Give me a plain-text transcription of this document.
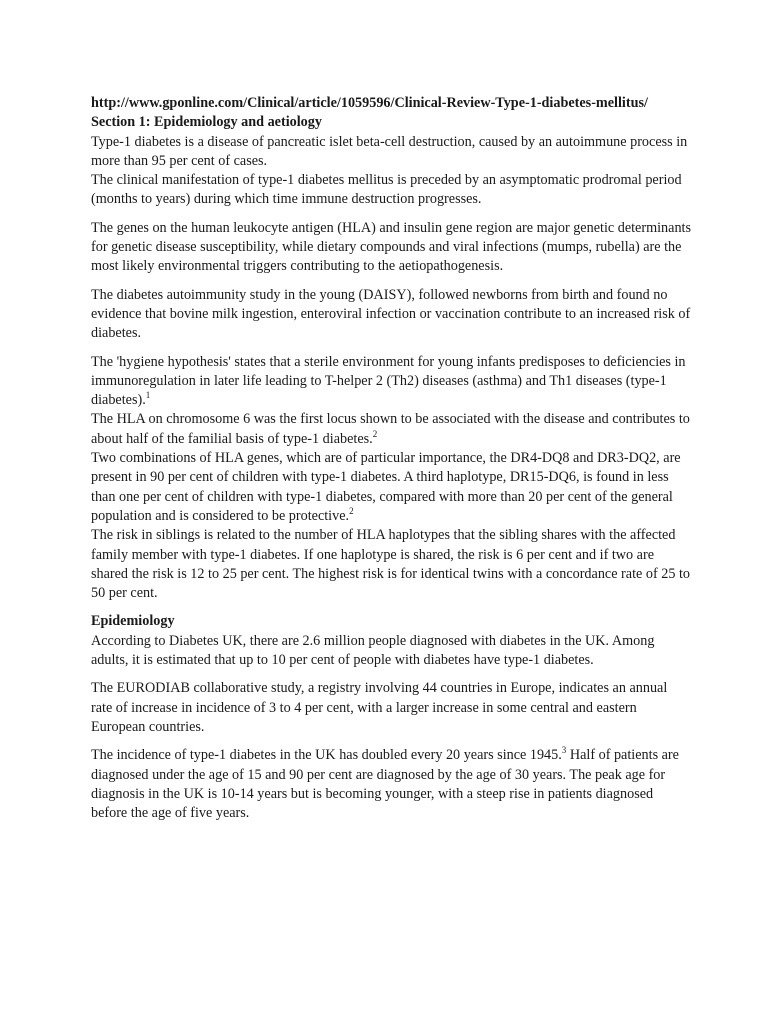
http://www.gponline.com/Clinical/article/1059596/Clinical-Review-Type-1-diabetes-mellitus/

Section 1: Epidemiology and aetiology

Type-1 diabetes is a disease of pancreatic islet beta-cell destruction, caused by an autoimmune process in more than 95 per cent of cases.

The clinical manifestation of type-1 diabetes mellitus is preceded by an asymptomatic prodromal period (months to years) during which time immune destruction progresses.

The genes on the human leukocyte antigen (HLA) and insulin gene region are major genetic determinants for genetic disease susceptibility, while dietary compounds and viral infections (mumps, rubella) are the most likely environmental triggers contributing to the aetiopathogenesis.

The diabetes autoimmunity study in the young (DAISY), followed newborns from birth and found no evidence that bovine milk ingestion, enteroviral infection or vaccination contribute to an increased risk of diabetes.

The 'hygiene hypothesis' states that a sterile environment for young infants predisposes to deficiencies in immunoregulation in later life leading to T-helper 2 (Th2) diseases (asthma) and Th1 diseases (type-1 diabetes).$^1$

The HLA on chromosome 6 was the first locus shown to be associated with the disease and contributes to about half of the familial basis of type-1 diabetes.$^2$

Two combinations of HLA genes, which are of particular importance, the DR4-DQ8 and DR3-DQ2, are present in 90 per cent of children with type-1 diabetes. A third haplotype, DR15-DQ6, is found in less than one per cent of children with type-1 diabetes, compared with more than 20 per cent of the general population and is considered to be protective.$^2$

The risk in siblings is related to the number of HLA haplotypes that the sibling shares with the affected family member with type-1 diabetes. If one haplotype is shared, the risk is 6 per cent and if two are shared the risk is 12 to 25 per cent. The highest risk is for identical twins with a concordance rate of 25 to 50 per cent.

Epidemiology

According to Diabetes UK, there are 2.6 million people diagnosed with diabetes in the UK. Among adults, it is estimated that up to 10 per cent of people with diabetes have type-1 diabetes.

The EURODIAB collaborative study, a registry involving 44 countries in Europe, indicates an annual rate of increase in incidence of 3 to 4 per cent, with a larger increase in some central and eastern European countries.

The incidence of type-1 diabetes in the UK has doubled every 20 years since 1945.$^3$ Half of patients are diagnosed under the age of 15 and 90 per cent are diagnosed by the age of 30 years. The peak age for diagnosis in the UK is 10-14 years but is becoming younger, with a steep rise in patients diagnosed before the age of five years.
